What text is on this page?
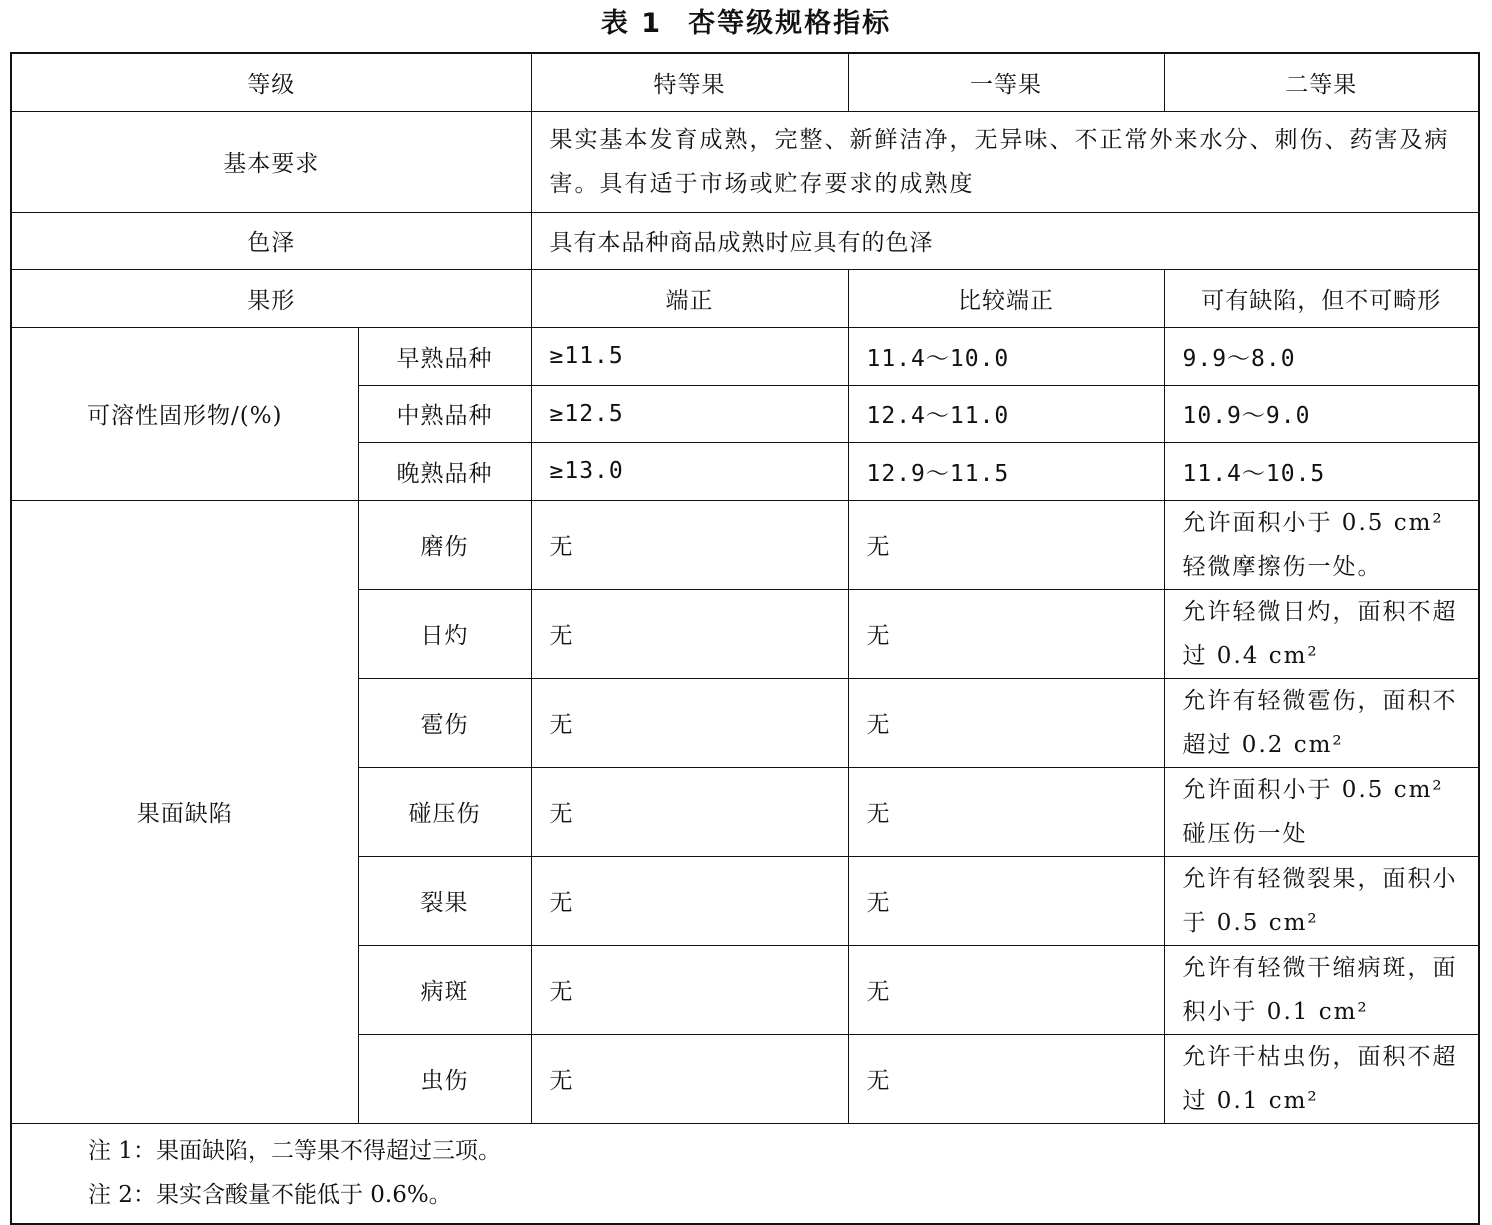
表 1 杏等级规格指标
等级		特等果	一等果	二等果
基本要求		果实基本发育成熟，完整、新鲜洁净，无异味、不正常外来水分、刺伤、药害及病害。具有适于市场或贮存要求的成熟度		
色泽		具有本品种商品成熟时应具有的色泽		
果形		端正	比较端正	可有缺陷，但不可畸形
可溶性固形物/(%)	早熟品种	≥11.5	11.4～10.0	9.9～8.0
	中熟品种	≥12.5	12.4～11.0	10.9～9.0
	晚熟品种	≥13.0	12.9～11.5	11.4～10.5
果面缺陷	磨伤	无	无	允许面积小于 0.5 cm² 轻微摩擦伤一处。
	日灼	无	无	允许轻微日灼，面积不超过 0.4 cm²
	雹伤	无	无	允许有轻微雹伤，面积不超过 0.2 cm²
	碰压伤	无	无	允许面积小于 0.5 cm² 碰压伤一处
	裂果	无	无	允许有轻微裂果，面积小于 0.5 cm²
	病斑	无	无	允许有轻微干缩病斑，面积小于 0.1 cm²
	虫伤	无	无	允许干枯虫伤，面积不超过 0.1 cm²

注 1：果面缺陷，二等果不得超过三项。
注 2：果实含酸量不能低于 0.6%。				
